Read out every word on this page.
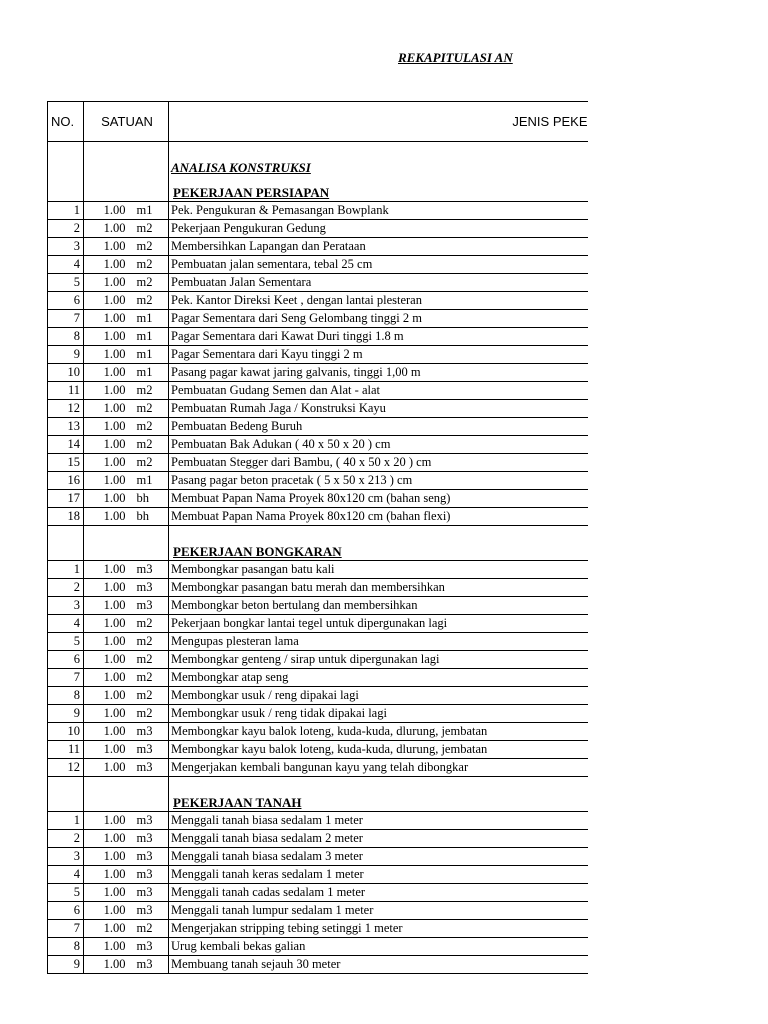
REKAPITULASI AN
NO.	SATUAN		JENIS PEKE

			ANALISA KONSTRUKSI

			PEKERJAAN PERSIAPAN
1	1.00	m1	Pek. Pengukuran & Pemasangan Bowplank
2	1.00	m2	Pekerjaan Pengukuran Gedung
3	1.00	m2	Membersihkan Lapangan dan Perataan
4	1.00	m2	Pembuatan jalan sementara, tebal 25 cm
5	1.00	m2	Pembuatan Jalan Sementara
6	1.00	m2	Pek. Kantor Direksi Keet , dengan lantai plesteran
7	1.00	m1	Pagar Sementara dari Seng Gelombang tinggi 2 m
8	1.00	m1	Pagar Sementara dari Kawat Duri tinggi 1.8 m
9	1.00	m1	Pagar Sementara dari Kayu tinggi 2 m
10	1.00	m1	Pasang pagar kawat jaring galvanis, tinggi 1,00 m
11	1.00	m2	Pembuatan Gudang Semen dan Alat - alat
12	1.00	m2	Pembuatan Rumah Jaga / Konstruksi Kayu
13	1.00	m2	Pembuatan Bedeng Buruh
14	1.00	m2	Pembuatan Bak Adukan ( 40 x 50 x 20 ) cm
15	1.00	m2	Pembuatan Stegger dari Bambu, ( 40 x 50 x 20 ) cm
16	1.00	m1	Pasang pagar beton pracetak ( 5 x 50 x 213 ) cm
17	1.00	bh	Membuat Papan Nama Proyek 80x120 cm (bahan seng)
18	1.00	bh	Membuat Papan Nama Proyek 80x120 cm (bahan flexi)

			PEKERJAAN BONGKARAN
1	1.00	m3	Membongkar pasangan batu kali
2	1.00	m3	Membongkar pasangan batu merah dan membersihkan
3	1.00	m3	Membongkar beton bertulang dan membersihkan
4	1.00	m2	Pekerjaan bongkar lantai tegel untuk dipergunakan lagi
5	1.00	m2	Mengupas plesteran lama
6	1.00	m2	Membongkar genteng / sirap untuk dipergunakan lagi
7	1.00	m2	Membongkar atap seng
8	1.00	m2	Membongkar usuk / reng dipakai lagi
9	1.00	m2	Membongkar usuk / reng tidak dipakai lagi
10	1.00	m3	Membongkar kayu balok loteng, kuda-kuda, dlurung, jembatan
11	1.00	m3	Membongkar kayu balok loteng, kuda-kuda, dlurung, jembatan
12	1.00	m3	Mengerjakan kembali bangunan kayu yang telah dibongkar

			PEKERJAAN TANAH
1	1.00	m3	Menggali tanah biasa sedalam 1 meter
2	1.00	m3	Menggali tanah biasa sedalam 2 meter
3	1.00	m3	Menggali tanah biasa sedalam 3 meter
4	1.00	m3	Menggali tanah keras sedalam 1 meter
5	1.00	m3	Menggali tanah cadas sedalam 1 meter
6	1.00	m3	Menggali tanah lumpur sedalam 1 meter
7	1.00	m2	Mengerjakan stripping tebing setinggi 1 meter
8	1.00	m3	Urug kembali bekas galian
9	1.00	m3	Membuang tanah sejauh 30 meter
